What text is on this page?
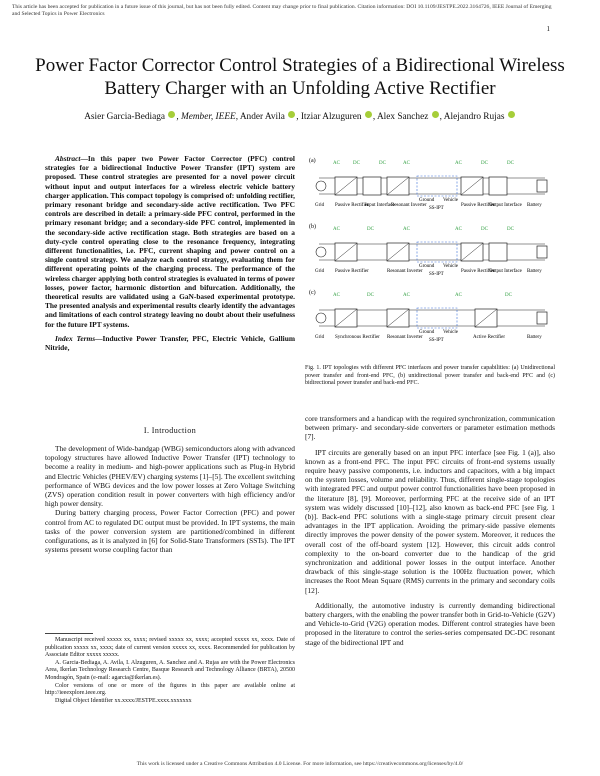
This article has been accepted for publication in a future issue of this journal, but has not been fully edited. Content may change prior to final publication. Citation information: DOI 10.1109/JESTPE.2022.3164726, IEEE Journal of Emerging and Selected Topics in Power Electronics
1
Power Factor Corrector Control Strategies of a Bidirectional Wireless Battery Charger with an Unfolding Active Rectifier
Asier Garcia-Bediaga , Member, IEEE, Ander Avila , Itziar Alzuguren , Alex Sanchez , Alejandro Rujas

Abstract—In this paper two Power Factor Corrector (PFC) control strategies for a bidirectional Inductive Power Transfer (IPT) system are proposed. These control strategies are presented for a novel power circuit without input and output interfaces for a wireless electric vehicle battery charger application. This compact topology is comprised of: unfolding rectifier, primary resonant bridge and secondary-side active rectification. Two PFC controls are described in detail: a primary-side PFC control, performed in the primary resonant bridge; and a secondary-side PFC control, implemented in the secondary-side active rectification stage. Both strategies are based on a duty-cycle control operating close to the resonance frequency, integrating different functionalities, i.e. PFC, current shaping and power control on a single control strategy. We analyze each control strategy, evaluating them for different operating points of the charging process. The performance of the wireless charger applying both control strategies is evaluated in terms of power losses, power factor, harmonic distortion and bifurcation. Additionally, the theoretical results are validated using a GaN-based experimental prototype. The presented analysis and experimental results clearly identify the advantages and limitations of each control strategy leaving no doubt about their usefulness for the future IPT systems.

Index Terms—Inductive Power Transfer, PFC, Electric Vehicle, Gallium Nitride,

I. Introduction

The development of Wide-bandgap (WBG) semiconductors along with advanced topology structures have allowed Inductive Power Transfer (IPT) technology to become a reality in medium- and high-power applications such as Plug-in Hybrid and Electric Vehicles (PHEV/EV) charging systems [1]–[5]. The excellent switching performance of WBG devices and the low power losses at Zero Voltage Switching (ZVS) operation condition result in power converters with high efficiency and/or high power density.

During battery charging process, Power Factor Correction (PFC) and power control from AC to regulated DC output must be provided. In IPT systems, the main tasks of the power conversion system are partitioned/combined in different configurations, as it is analyzed in [6] for Solid-State Transformers (SSTs). The IPT systems present worse coupling factor than

Manuscript received xxxxx xx, xxxx; revised xxxxx xx, xxxx; accepted xxxxx xx, xxxx. Date of publication xxxxx xx, xxxx; date of current version xxxxx xx, xxxx. Recommended for publication by Associate Editor xxxxx xxxxx.

A. Garcia-Bediaga, A. Avila, I. Alzuguren, A. Sanchez and A. Rujas are with the Power Electronics Area, Ikerlan Technology Research Centre, Basque Research and Technology Alliance (BRTA), 20500 Mondragón, Spain (e-mail: agarcia@ikerlan.es).

Color versions of one or more of the figures in this paper are available online at http://ieeexplore.ieee.org.

Digital Object Identifier xx.xxxx/JESTPE.xxxx.xxxxxxx

(a)
(b)
(c)
AC	DC	DC	AC	AC	DC	DC
Grid Passive Rectifier
Input Interface
Resonant Inverter
Ground
SS-IPT
Vehicle
Passive Rectifier
Output Interface Battery
AC	DC	AC	AC	DC	DC
Grid Passive Rectifier	Resonant Inverter
Ground
SS-IPT
Vehicle
Passive Rectifier
Output Interface Battery
AC	DC	AC	AC	DC
Grid Synchronous Rectifier Resonant Inverter
Ground
SS-IPT
Vehicle
Active Rectifier	Battery
Fig. 1. IPT topologies with different PFC interfaces and power transfer capabilities: (a) Unidirectional power transfer and front-end PFC, (b) unidirectional power transfer and back-end PFC and (c) bidirectional power transfer and back-end PFC.

core transformers and a handicap with the required synchronization, communication between primary- and secondary-side converters or parameter estimation methods [7].

IPT circuits are generally based on an input PFC interface [see Fig. 1 (a)], also known as a front-end PFC. The input PFC circuits of front-end systems usually require heavy passive components, i.e. inductors and capacitors, with a big impact on the system losses, volume and reliability. Thus, different single-stage topologies with integrated PFC and output power control functionalities have been proposed in the literature [8], [9]. Moreover, performing PFC at the receive side of an IPT system was widely discussed [10]–[12], also known as back-end PFC [see Fig. 1 (b)]. Back-end PFC solutions with a single-stage primary circuit present clear advantages in the IPT application. Avoiding the primary-side passive elements directly improves the power density of the power system. Moreover, it reduces the overall cost of the off-board system [12]. However, this circuit adds control complexity to the on-board converter due to the handicap of the grid synchronization and additional power losses in the output interface. Another drawback of this single-stage solution is the 100Hz fluctuation power, which increases the Root Mean Square (RMS) currents in the primary and secondary coils [12].

Additionally, the automotive industry is currently demanding bidirectional battery chargers, with the enabling the power transfer both in Grid-to-Vehicle (G2V) and Vehicle-to-Grid (V2G) operation modes. Different control strategies have been proposed in the literature to control the series-series compensated DC-DC resonant stage of the bidirectional IPT and

This work is licensed under a Creative Commons Attribution 4.0 License. For more information, see https://creativecommons.org/licenses/by/4.0/
